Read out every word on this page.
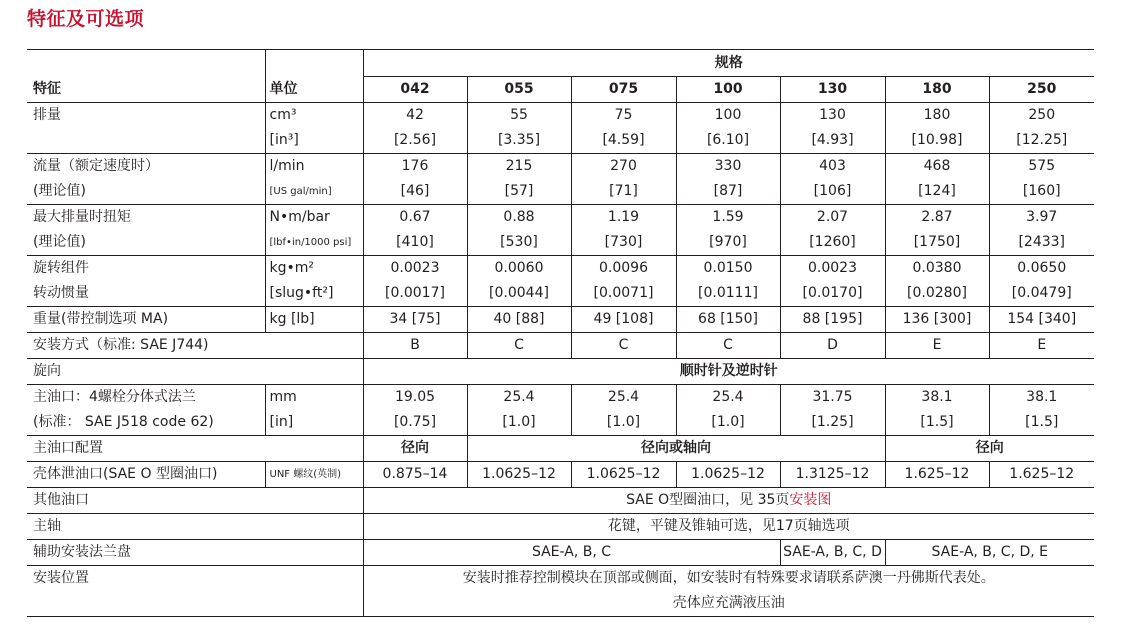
特征及可选项
		规格						
特征	单位	042	055	075	100	130	180	250
排量	cm³	42	55	75	100	130	180	250
	[in³]	[2.56]	[3.35]	[4.59]	[6.10]	[4.93]	[10.98]	[12.25]
流量（额定速度时）	l/min	176	215	270	330	403	468	575
(理论值)	[US gal/min]	[46]	[57]	[71]	[87]	[106]	[124]	[160]
最大排量时扭矩	N•m/bar	0.67	0.88	1.19	1.59	2.07	2.87	3.97
(理论值)	[lbf•in/1000 psi]	[410]	[530]	[730]	[970]	[1260]	[1750]	[2433]
旋转组件	kg•m²	0.0023	0.0060	0.0096	0.0150	0.0023	0.0380	0.0650
转动惯量	[slug•ft²]	[0.0017]	[0.0044]	[0.0071]	[0.0111]	[0.0170]	[0.0280]	[0.0479]
重量(带控制选项 MA)	kg [lb]	34 [75]	40 [88]	49 [108]	68 [150]	88 [195]	136 [300]	154 [340]
安装方式（标准: SAE J744)		B	C	C	C	D	E	E
旋向		顺时针及逆时针						
主油口：4螺栓分体式法兰	mm	19.05	25.4	25.4	25.4	31.75	38.1	38.1
(标准： SAE J518 code 62)	[in]	[0.75]	[1.0]	[1.0]	[1.0]	[1.25]	[1.5]	[1.5]
主油口配置		径向	径向或轴向				径向	
壳体泄油口(SAE O 型圈油口)	UNF 螺纹(英制)	0.875–14	1.0625–12	1.0625–12	1.0625–12	1.3125–12	1.625–12	1.625–12
其他油口		SAE O型圈油口，见 35页安装图						
主轴		花键，平键及锥轴可选，见17页轴选项						
辅助安装法兰盘		SAE-A, B, C				SAE-A, B, C, D	SAE-A, B, C, D, E	
安装位置		安装时推荐控制模块在顶部或侧面，如安装时有特殊要求请联系萨澳一丹佛斯代表处。						
		壳体应充满液压油						
